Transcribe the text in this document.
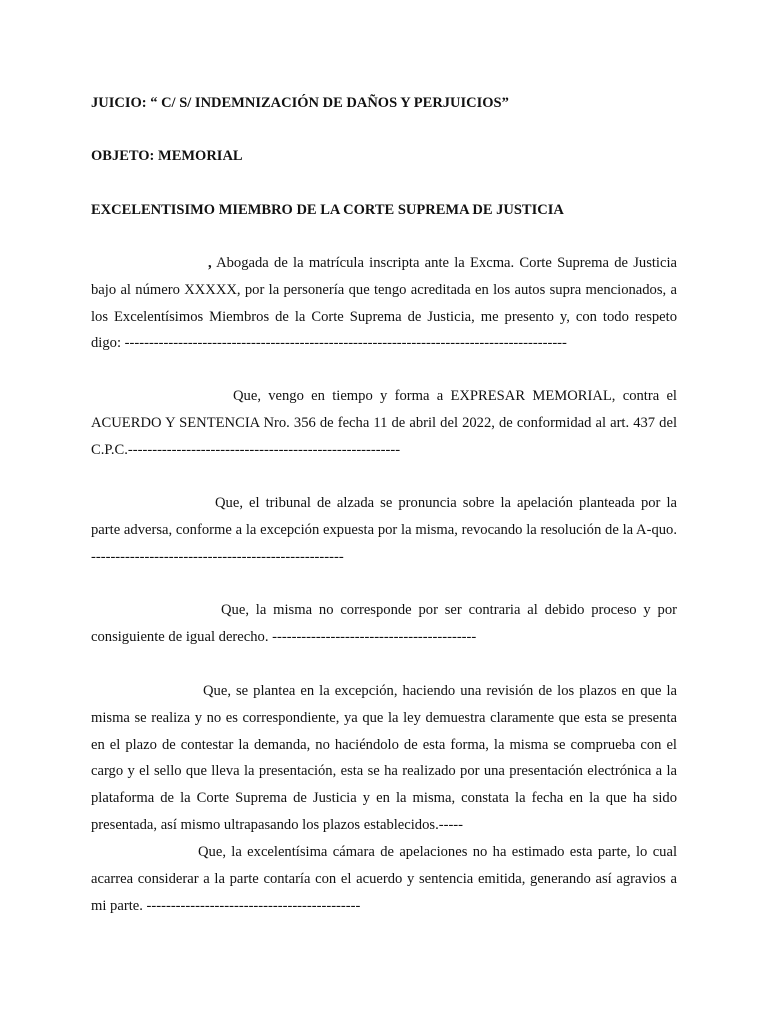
JUICIO: “ C/ S/ INDEMNIZACIÓN DE DAÑOS Y PERJUICIOS”
OBJETO: MEMORIAL
EXCELENTISIMO MIEMBRO DE LA CORTE SUPREMA DE JUSTICIA
, Abogada de la matrícula inscripta ante la Excma. Corte Suprema de Justicia bajo al número XXXXX, por la personería que tengo acreditada en los autos supra mencionados, a los Excelentísimos Miembros de la Corte Suprema de Justicia, me presento y, con todo respeto digo: -------------------------------------------------------------------------------------------
Que, vengo en tiempo y forma a EXPRESAR MEMORIAL, contra el ACUERDO Y SENTENCIA Nro. 356 de fecha 11 de abril del 2022, de conformidad al art. 437 del C.P.C.--------------------------------------------------------
Que, el tribunal de alzada se pronuncia sobre la apelación planteada por la parte adversa, conforme a la excepción expuesta por la misma, revocando la resolución de la A-quo. ----------------------------------------------------
Que, la misma no corresponde por ser contraria al debido proceso y por consiguiente de igual derecho. ------------------------------------------
Que, se plantea en la excepción, haciendo una revisión de los plazos en que la misma se realiza y no es correspondiente, ya que la ley demuestra claramente que esta se presenta en el plazo de contestar la demanda, no haciéndolo de esta forma, la misma se comprueba con el cargo y el sello que lleva la presentación, esta se ha realizado por una presentación electrónica a la plataforma de la Corte Suprema de Justicia y en la misma, constata la fecha en la que ha sido presentada, así mismo ultrapasando los plazos establecidos.-----
Que, la excelentísima cámara de apelaciones no ha estimado esta parte, lo cual acarrea considerar a la parte contaría con el acuerdo y sentencia emitida, generando así agravios a mi parte. --------------------------------------------
